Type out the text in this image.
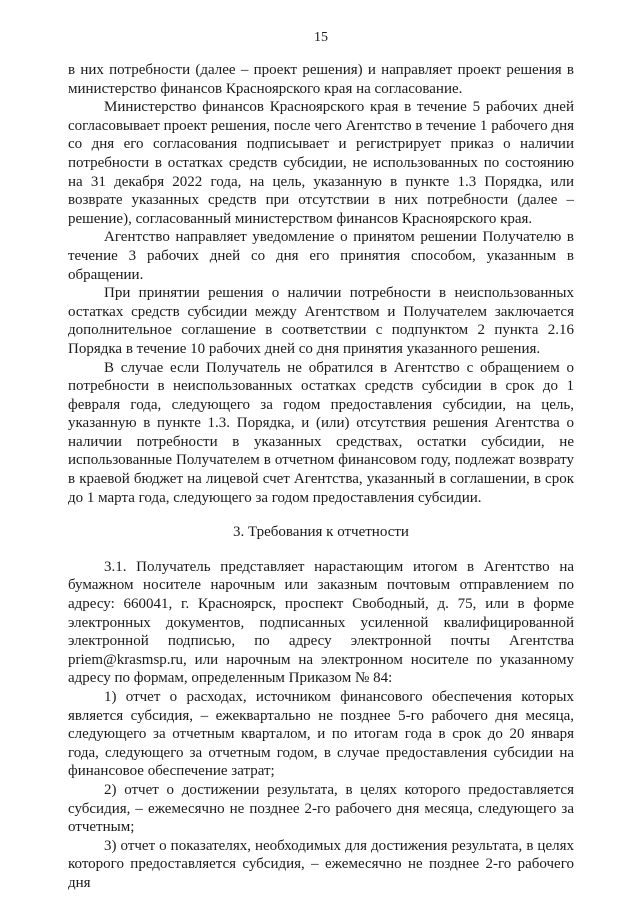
15

в них потребности (далее – проект решения) и направляет проект решения в министерство финансов Красноярского края на согласование.

Министерство финансов Красноярского края в течение 5 рабочих дней согласовывает проект решения, после чего Агентство в течение 1 рабочего дня со дня его согласования подписывает и регистрирует приказ о наличии потребности в остатках средств субсидии, не использованных по состоянию на 31 декабря 2022 года, на цель, указанную в пункте 1.3 Порядка, или возврате указанных средств при отсутствии в них потребности (далее – решение), согласованный министерством финансов Красноярского края.

Агентство направляет уведомление о принятом решении Получателю в течение 3 рабочих дней со дня его принятия способом, указанным в обращении.

При принятии решения о наличии потребности в неиспользованных остатках средств субсидии между Агентством и Получателем заключается дополнительное соглашение в соответствии с подпунктом 2 пункта 2.16 Порядка в течение 10 рабочих дней со дня принятия указанного решения.

В случае если Получатель не обратился в Агентство с обращением о потребности в неиспользованных остатках средств субсидии в срок до 1 февраля года, следующего за годом предоставления субсидии, на цель, указанную в пункте 1.3. Порядка, и (или) отсутствия решения Агентства о наличии потребности в указанных средствах, остатки субсидии, не использованные Получателем в отчетном финансовом году, подлежат возврату в краевой бюджет на лицевой счет Агентства, указанный в соглашении, в срок до 1 марта года, следующего за годом предоставления субсидии.

3. Требования к отчетности

3.1. Получатель представляет нарастающим итогом в Агентство на бумажном носителе нарочным или заказным почтовым отправлением по адресу: 660041, г. Красноярск, проспект Свободный, д. 75, или в форме электронных документов, подписанных усиленной квалифицированной электронной подписью, по адресу электронной почты Агентства priem@krasmsp.ru, или нарочным на электронном носителе по указанному адресу по формам, определенным Приказом № 84:

1) отчет о расходах, источником финансового обеспечения которых является субсидия, – ежеквартально не позднее 5-го рабочего дня месяца, следующего за отчетным кварталом, и по итогам года в срок до 20 января года, следующего за отчетным годом, в случае предоставления субсидии на финансовое обеспечение затрат;

2) отчет о достижении результата, в целях которого предоставляется субсидия, – ежемесячно не позднее 2-го рабочего дня месяца, следующего за отчетным;

3) отчет о показателях, необходимых для достижения результата, в целях которого предоставляется субсидия, – ежемесячно не позднее 2-го рабочего дня
